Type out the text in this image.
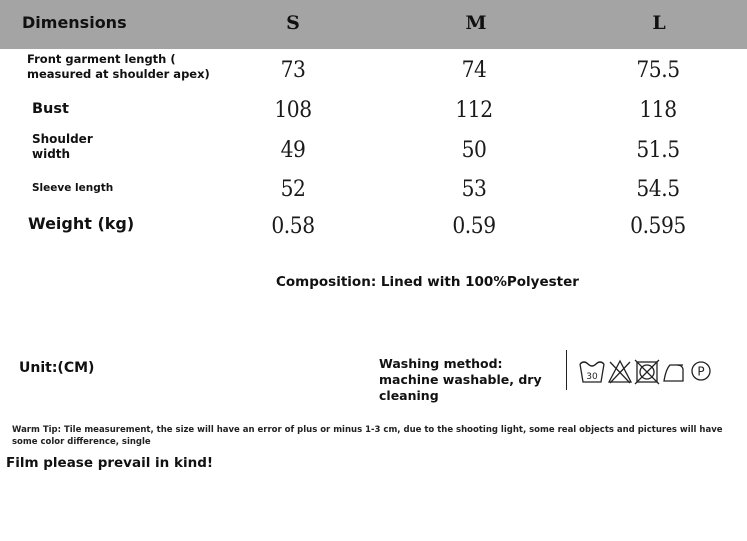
Dimensions	S	M	L
Front garment length ( measured at shoulder apex)	73	74	75.5
Bust	108	112	118
Shoulder width	49	50	51.5
Sleeve length	52	53	54.5
Weight (kg)	0.58	0.59	0.595
Composition: Lined with 100%Polyester
Unit:(CM)	Washing method: machine washable, dry cleaning
30	P
Warm Tip: Tile measurement, the size will have an error of plus or minus 1-3 cm, due to the shooting light, some real objects and pictures will have some color difference, single
Film please prevail in kind!
